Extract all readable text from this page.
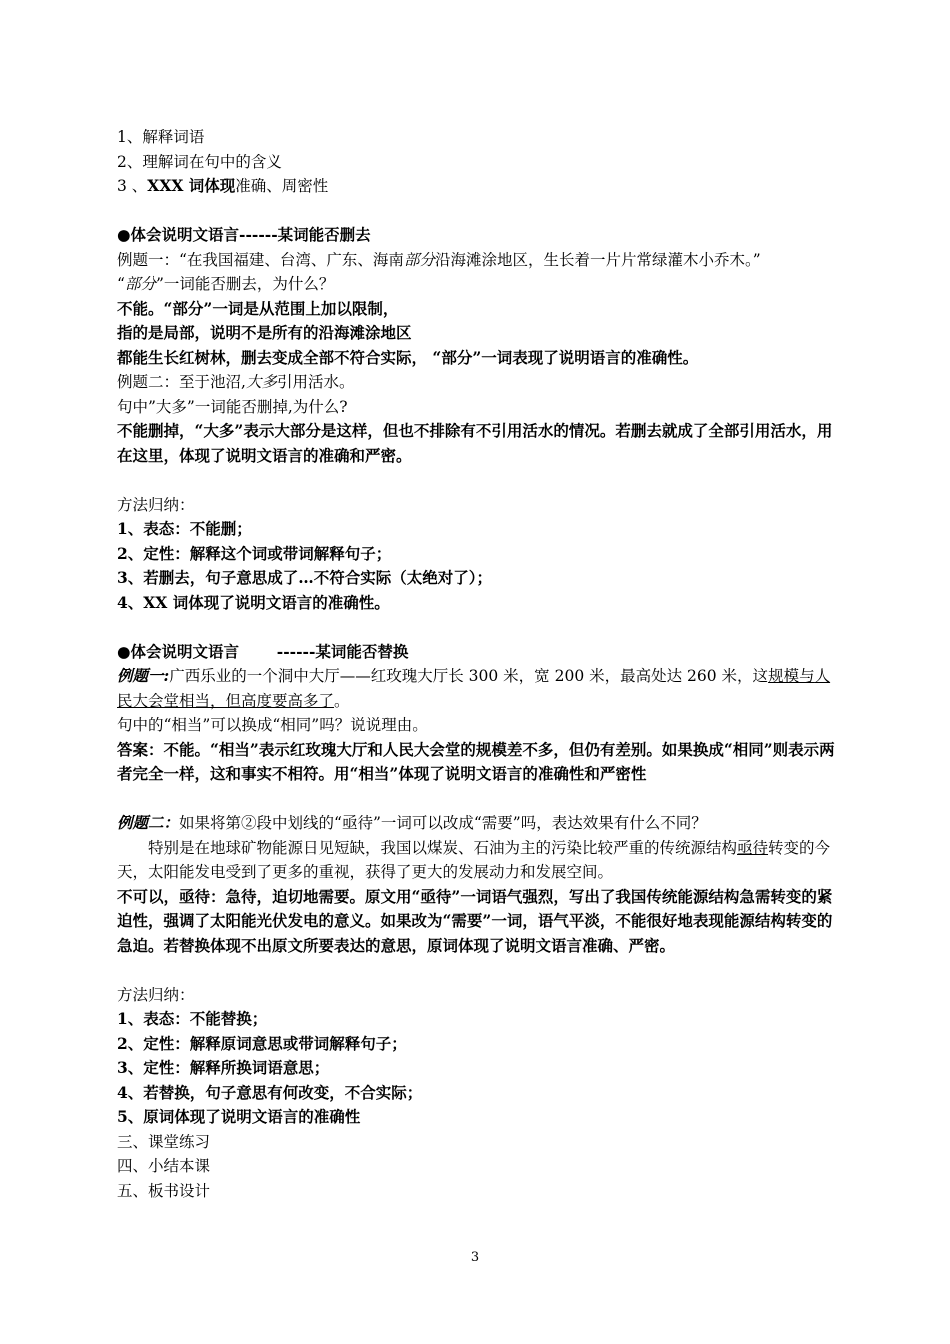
1、解释词语
2、理解词在句中的含义
3 、XXX 词体现准确、周密性
●体会说明文语言------某词能否删去
例题一：“在我国福建、台湾、广东、海南部分沿海滩涂地区，生长着一片片常绿灌木小乔木。”
“部分”一词能否删去，为什么？
不能。“部分”一词是从范围上加以限制，
指的是局部，说明不是所有的沿海滩涂地区
都能生长红树林，删去变成全部不符合实际， “部分”一词表现了说明语言的准确性。
例题二：至于池沼,大多引用活水。
句中”大多”一词能否删掉,为什么?
不能删掉，“大多”表示大部分是这样，但也不排除有不引用活水的情况。若删去就成了全部引用活水，用在这里，体现了说明文语言的准确和严密。
方法归纳：
1、表态：不能删；
2、定性：解释这个词或带词解释句子；
3、若删去，句子意思成了…不符合实际（太绝对了）；
4、XX 词体现了说明文语言的准确性。
●体会说明文语言       ------某词能否替换
例题一:广西乐业的一个洞中大厅——红玫瑰大厅长 300 米，宽 200 米，最高处达 260 米，这规模与人民大会堂相当，但高度要高多了。
句中的“相当”可以换成“相同”吗？说说理由。
答案：不能。“相当”表示红玫瑰大厅和人民大会堂的规模差不多，但仍有差别。如果换成“相同”则表示两者完全一样，这和事实不相符。用“相当”体现了说明文语言的准确性和严密性
例题二：如果将第②段中划线的“亟待”一词可以改成“需要”吗，表达效果有什么不同？
特别是在地球矿物能源日见短缺，我国以煤炭、石油为主的污染比较严重的传统源结构亟待转变的今天，太阳能发电受到了更多的重视，获得了更大的发展动力和发展空间。
不可以，亟待：急待，迫切地需要。原文用“亟待”一词语气强烈，写出了我国传统能源结构急需转变的紧迫性，强调了太阳能光伏发电的意义。如果改为“需要”一词，语气平淡，不能很好地表现能源结构转变的急迫。若替换体现不出原文所要表达的意思，原词体现了说明文语言准确、严密。
方法归纳：
1、表态：不能替换；
2、定性：解释原词意思或带词解释句子；
3、定性：解释所换词语意思；
4、若替换，句子意思有何改变，不合实际；
5、原词体现了说明文语言的准确性
三、课堂练习
四、小结本课
五、板书设计
3
